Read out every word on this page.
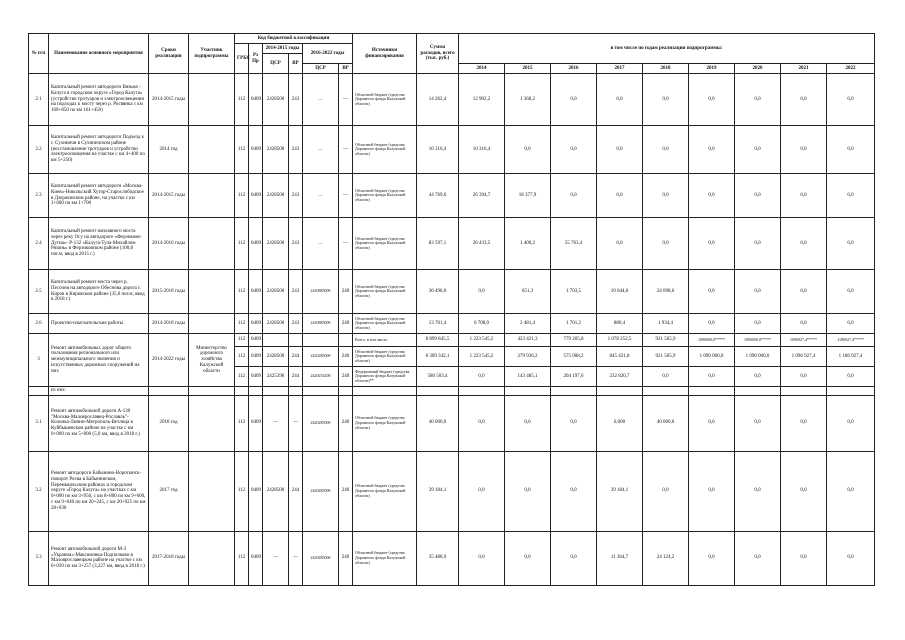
№ п/п	Наименование основного мероприятия	Сроки реализации	Участник подпрограммы	Код бюджетной классификации						Источники финансирования	Сумма расходов, всего (тыс. руб.)	в том числе по годам реализации подпрограммы:								
				ГРБС	Рз Пр	2014-2015 годы		2016-2022 годы												
						ЦСР	ВР													
								ЦСР	ВР			2014	2015	2016	2017	2018	2019	2020	2021	2022
2.1	Капитальный ремонт автодороги Вязьма - Калуга в городском округе «Город Калуга» (устройство тротуаров и электроосвещения на подходах к мосту через р. Росвянка с км 160+850 по км 161+450)	2014-2015 годы		112	0409	2428500	243	—	—	Областной бюджет (средства Дорожного фонда Калужской области)	14 262,4	12 902,2	1 360,2	0,0	0,0	0,0	0,0	0,0	0,0	0,0
2.2	Капитальный ремонт автодороги Подъезд к г. Сухиничи в Сухиничском районе (восстановление тротуаров и устройство электроосвещения на участке с км 4+400 по км 5+250)	2014 год		112	0409	2428500	243	—	—	Областной бюджет (средства Дорожного фонда Калужской области)	10 316,4	10 316,4	0,0	0,0	0,0	0,0	0,0	0,0	0,0	0,0
2.3	Капитальный ремонт автодороги «Москва-Киев»-Никольский Хутор-Старослободское в Дзержинском районе, на участке с км 1+600 по км 1+700	2014-2015 годы		112	0409	2428500	243	—	—	Областной бюджет (средства Дорожного фонда Калужской области)	44 769,6	26 394,7	18 377,9	0,0	0,0	0,0	0,0	0,0	0,0	0,0
2.4	Капитальный ремонт наплавного моста через реку Осу на автодороге «Ферзиково-Дугна»- Р-132 «Калуга-Тула-Михайлов-Рязань» в Ферзиковском районе (100,8 пог.м, ввод в 2015 г.)	2014-2016 годы		112	0409	2428500	243	—	—	Областной бюджет (средства Дорожного фонда Калужской области)	83 597,1	26 433,5	1 400,2	55 763,4	0,0	0,0	0,0	0,0	0,0	0,0
2.5	Капитальный ремонт моста через р. Песочня на автодороге Обеснова дорога г. Киров в Кировском районе (35,0 пог.м, ввод в 2018 г.)	2015-2018 годы		112	0409	2428500	243	2420885000	240	Областной бюджет (средства Дорожного фонда Калужской области)	36 498,0	0,0	651,3	1 703,5	10 044,6	24 098,6	0,0	0,0	0,0	0,0
2.6	Проектно-изыскательские работы	2014-2018 годы		112	0409	2428500	243	2420885000	240	Областной бюджет (средства Дорожного фонда Калужской области)	13 701,4	6 708,0	2 481,4	1 701,2	880,4	1 934,4	0,0	0,0	0,0	0,0
3	Ремонт автомобильных дорог общего пользования регионального или межмуниципального значения и искусственных дорожных сооружений на них	2014-2022 годы	Министерство дорожного хозяйства Калужской области	112	0409					Всего, в том числе:	8 899 845,5	1 223 545,2	423 421,3	779 205,8	1 078 252,5	921 565,9	1090000,0*****	1090000,0*****	1096927,4*****	1186927,4*****
				112	0409	2428500	244	2420285000	240	Областной бюджет (средства Дорожного фонда Калужской области)	8 309 342,1	1 223 545,2	279 936,2	575 008,2	845 431,8	921 565,9	1 090 000,0	1 090 000,0	1 096 927,4	1 186 927,4
				112	0409	2425390	244	2420254200	240	Федеральный бюджет (средства Дорожного фонда Калужской области)**	580 503,4	0,0	143 485,1	204 197,6	232 820,7	0,0	0,0	0,0	0,0	0,0
	из них:																			
3.1	Ремонт автомобильной дороги А-130 "Москва-Малоярославец-Рославль"-Колонка-Линии-Метрополь-Ветлица в Куйбышевском районе на участке с км 0+000 по км 5+000 (5,0 км, ввод в 2018 г.)	2018 год		112	0409	—	—	2420285000	240	Областной бюджет (средства Дорожного фонда Калужской области)	40 000,0	0,0	0,0	0,0	0,000	40 000,0	0,0	0,0	0,0	0,0
3.2	Ремонт автодороги Бабынино-Воротынск-поворот Росва в Бабынинском, Перемышльском районах и городском округе «Город Калуга» на участках с км 0+000 по км 3+950, с км 8+800 по км 9+600, с км 9+040 по км 20+245, с км 20+925 по км 28+030	2017 год		112	0409	2428500	244	2420285000	240	Областной бюджет (средства Дорожного фонда Калужской области)	39 184,1	0,0	0,0	0,0	39 184,1	0,0	0,0	0,0	0,0	0,0
3.3	Ремонт автомобильной дороги М-3 «Украина»-Максимовка-Подполково в Малоярославецком районе на участке с км 0+030 по км 3+257 (3,227 км, ввод в 2018 г.)	2017-2018 годы		112	0409	—	—	2420285000	240	Областной бюджет (средства Дорожного фонда Калужской области)	35 488,9	0,0	0,0	0,0	11 364,7	24 124,2	0,0	0,0	0,0	0,0
